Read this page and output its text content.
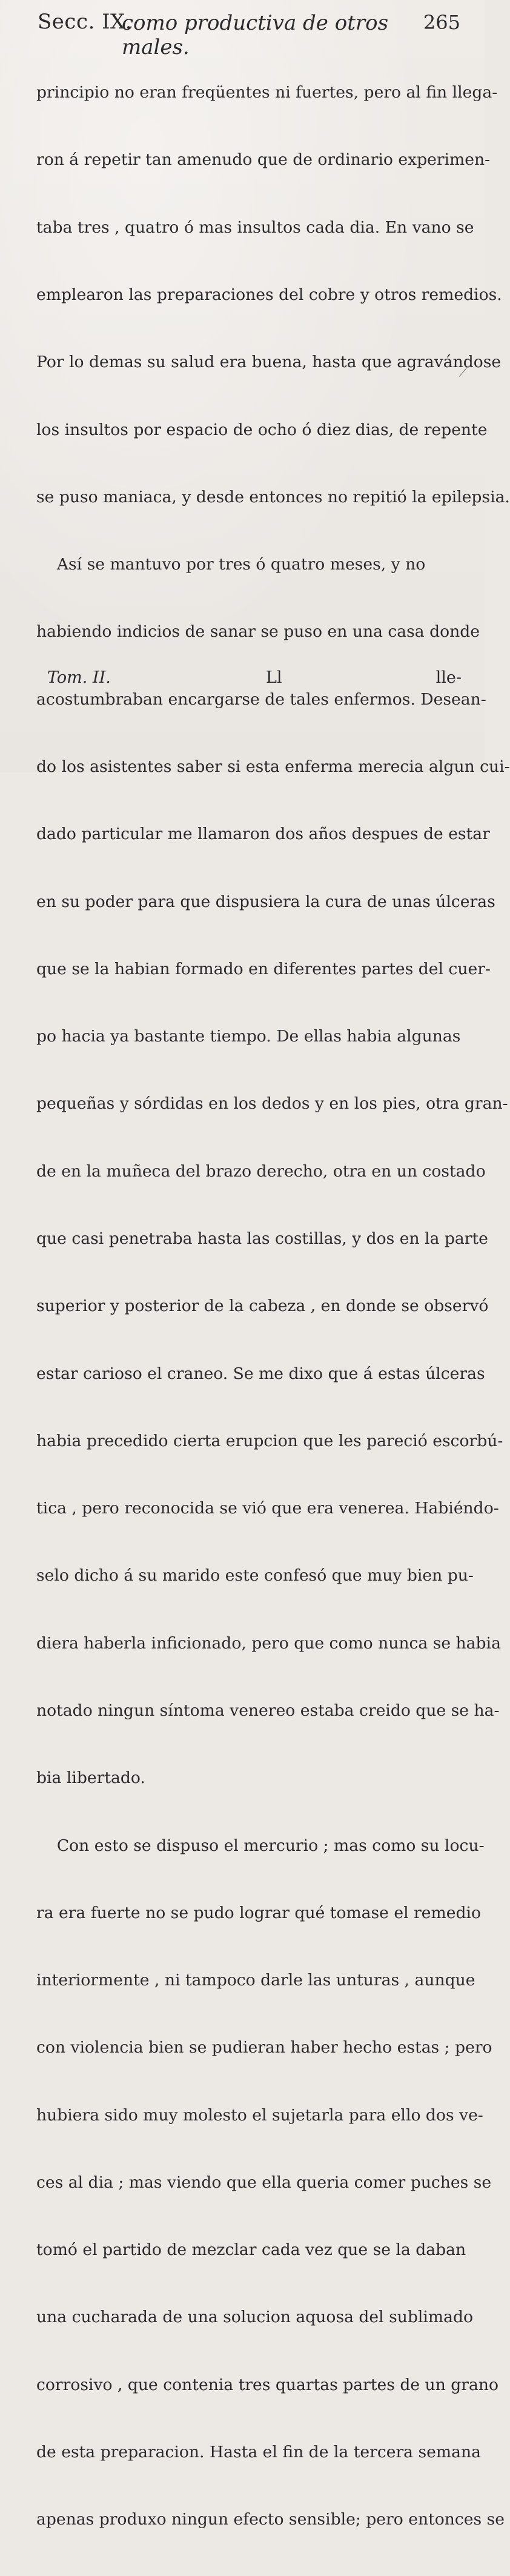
Secc. IX.
como productiva de otros males.
265

principio no eran freqüentes ni fuertes, pero al fin llega-

ron á repetir tan amenudo que de ordinario experimen-

taba tres , quatro ó mas insultos cada dia. En vano se

emplearon las preparaciones del cobre y otros remedios.

Por lo demas su salud era buena, hasta que agravándose

los insultos por espacio de ocho ó diez dias, de repente

se puso maniaca, y desde entonces no repitió la epilepsia.

Así se mantuvo por tres ó quatro meses, y no

habiendo indicios de sanar se puso en una casa donde

acostumbraban encargarse de tales enfermos. Desean-

do los asistentes saber si esta enferma merecia algun cui-

dado particular me llamaron dos años despues de estar

en su poder para que dispusiera la cura de unas úlceras

que se la habian formado en diferentes partes del cuer-

po hacia ya bastante tiempo. De ellas habia algunas

pequeñas y sórdidas en los dedos y en los pies, otra gran-

de en la muñeca del brazo derecho, otra en un costado

que casi penetraba hasta las costillas, y dos en la parte

superior y posterior de la cabeza , en donde se observó

estar carioso el craneo. Se me dixo que á estas úlceras

habia precedido cierta erupcion que les pareció escorbú-

tica , pero reconocida se vió que era venerea. Habiéndo-

selo dicho á su marido este confesó que muy bien pu-

diera haberla inficionado, pero que como nunca se habia

notado ningun síntoma venereo estaba creido que se ha-

bia libertado.

Con esto se dispuso el mercurio ; mas como su locu-

ra era fuerte no se pudo lograr qué tomase el remedio

interiormente , ni tampoco darle las unturas , aunque

con violencia bien se pudieran haber hecho estas ; pero

hubiera sido muy molesto el sujetarla para ello dos ve-

ces al dia ; mas viendo que ella queria comer puches se

tomó el partido de mezclar cada vez que se la daban

una cucharada de una solucion aquosa del sublimado

corrosivo , que contenia tres quartas partes de un grano

de esta preparacion. Hasta el fin de la tercera semana

apenas produxo ningun efecto sensible; pero entonces se

Tom. II.	Ll	lle-
